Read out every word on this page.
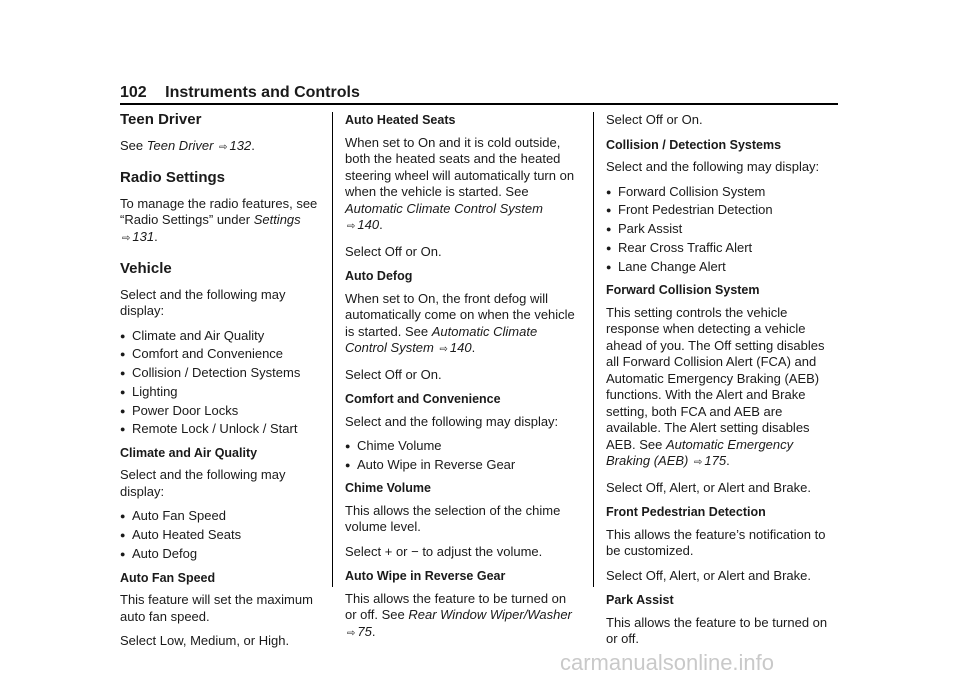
102 Instruments and Controls
Teen Driver

See Teen Driver ⇨ 132.

Radio Settings

To manage the radio features, see “Radio Settings” under Settings ⇨ 131.

Vehicle

Select and the following may display:

● Climate and Air Quality
● Comfort and Convenience
● Collision / Detection Systems
● Lighting
● Power Door Locks
● Remote Lock / Unlock / Start
Climate and Air Quality

Select and the following may display:

● Auto Fan Speed
● Auto Heated Seats
● Auto Defog
Auto Fan Speed

This feature will set the maximum auto fan speed.

Select Low, Medium, or High.

Auto Heated Seats

When set to On and it is cold outside, both the heated seats and the heated steering wheel will automatically turn on when the vehicle is started. See Automatic Climate Control System ⇨ 140.

Select Off or On.

Auto Defog

When set to On, the front defog will automatically come on when the vehicle is started. See Automatic Climate Control System ⇨ 140.

Select Off or On.

Comfort and Convenience

Select and the following may display:

● Chime Volume
● Auto Wipe in Reverse Gear
Chime Volume

This allows the selection of the chime volume level.

Select + or − to adjust the volume.

Auto Wipe in Reverse Gear

This allows the feature to be turned on or off. See Rear Window Wiper/Washer ⇨ 75.

Select Off or On.

Collision / Detection Systems

Select and the following may display:

● Forward Collision System
● Front Pedestrian Detection
● Park Assist
● Rear Cross Traffic Alert
● Lane Change Alert
Forward Collision System

This setting controls the vehicle response when detecting a vehicle ahead of you. The Off setting disables all Forward Collision Alert (FCA) and Automatic Emergency Braking (AEB) functions. With the Alert and Brake setting, both FCA and AEB are available. The Alert setting disables AEB. See Automatic Emergency Braking (AEB) ⇨ 175.

Select Off, Alert, or Alert and Brake.

Front Pedestrian Detection

This allows the feature’s notification to be customized.

Select Off, Alert, or Alert and Brake.

Park Assist

This allows the feature to be turned on or off.

carmanualsonline.info
